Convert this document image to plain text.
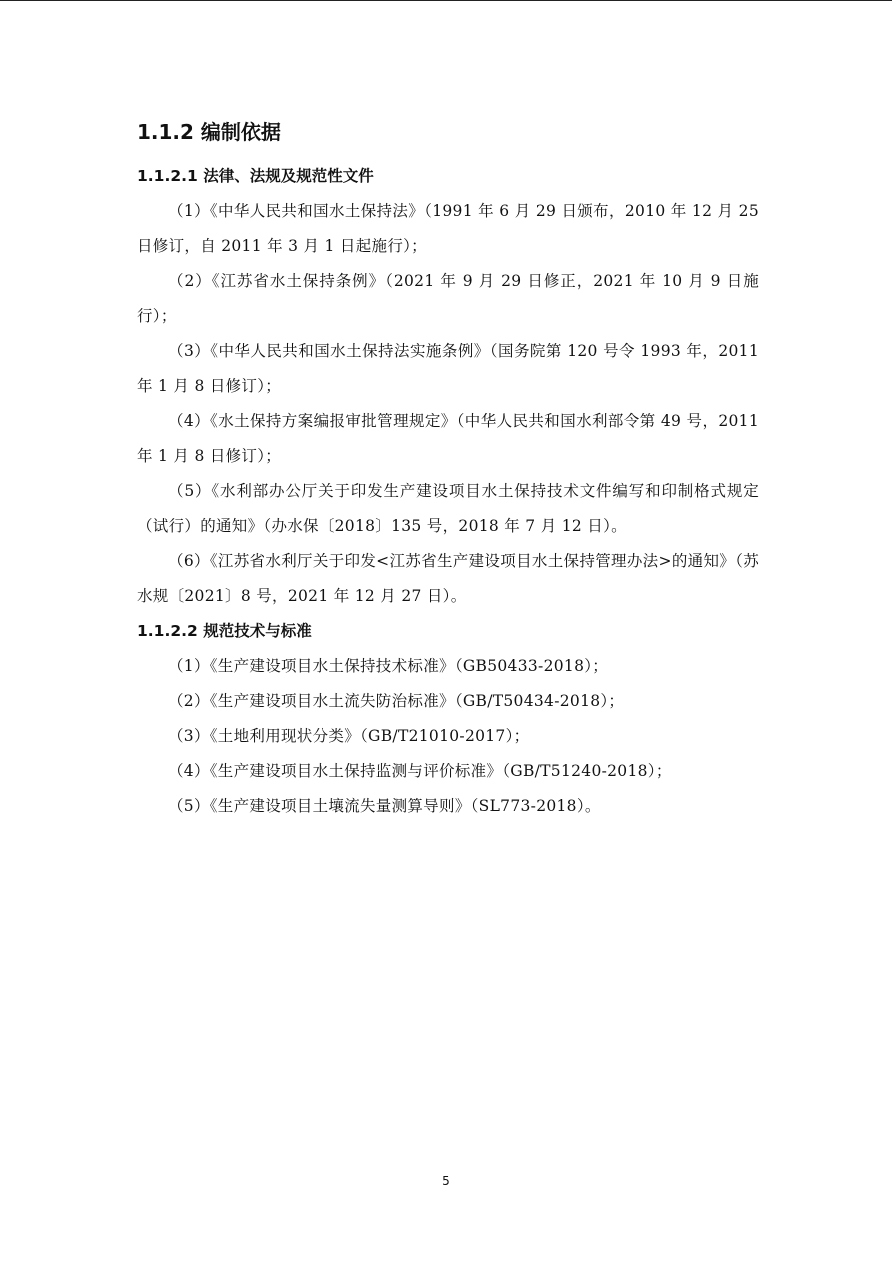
1.1.2 编制依据
1.1.2.1 法律、法规及规范性文件

（1）《中华人民共和国水土保持法》（1991 年 6 月 29 日颁布，2010 年 12 月 25 日修订，自 2011 年 3 月 1 日起施行）；

（2）《江苏省水土保持条例》（2021 年 9 月 29 日修正，2021 年 10 月 9 日施行）；

（3）《中华人民共和国水土保持法实施条例》（国务院第 120 号令 1993 年，2011 年 1 月 8 日修订）；

（4）《水土保持方案编报审批管理规定》（中华人民共和国水利部令第 49 号，2011 年 1 月 8 日修订）；

（5）《水利部办公厅关于印发生产建设项目水土保持技术文件编写和印制格式规定（试行）的通知》（办水保〔2018〕135 号，2018 年 7 月 12 日）。

（6）《江苏省水利厅关于印发<江苏省生产建设项目水土保持管理办法>的通知》（苏水规〔2021〕8 号，2021 年 12 月 27 日）。

1.1.2.2 规范技术与标准

（1）《生产建设项目水土保持技术标准》（GB50433-2018）；

（2）《生产建设项目水土流失防治标准》（GB/T50434-2018）；

（3）《土地利用现状分类》（GB/T21010-2017）；

（4）《生产建设项目水土保持监测与评价标准》（GB/T51240-2018）；

（5）《生产建设项目土壤流失量测算导则》（SL773-2018）。

5
